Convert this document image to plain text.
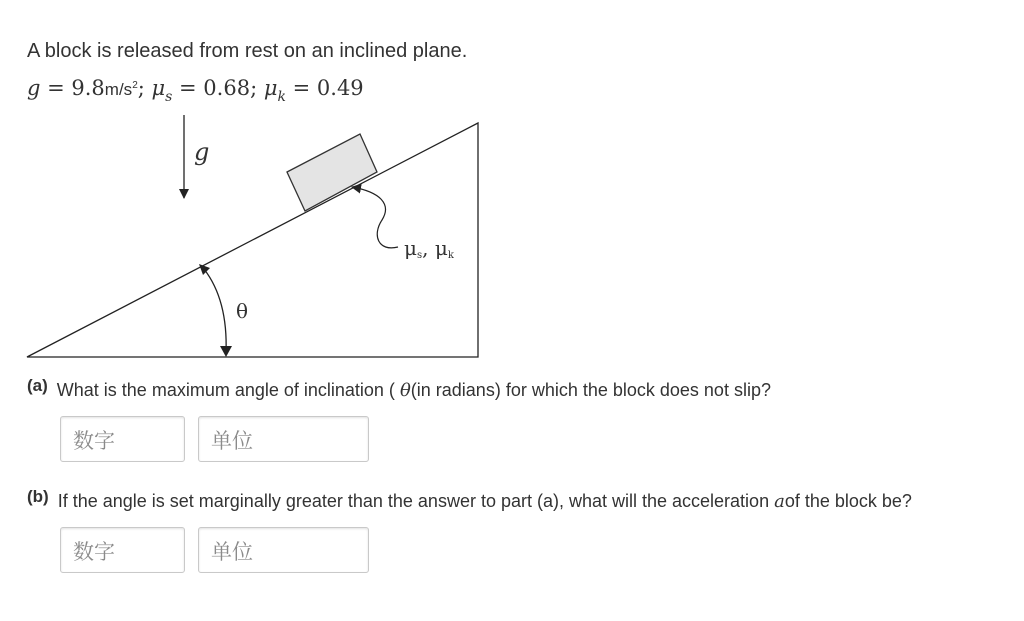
A block is released from rest on an inclined plane.
$g = 9.8m/s^2$; $\mu_s = 0.68$; $\mu_k = 0.49$
g
μs, μk
θ
(a) What is the maximum angle of inclination ( θ(in radians) for which the block does not slip?
数字	单位
(b) If the angle is set marginally greater than the answer to part (a), what will the acceleration aof the block be?
数字	单位
